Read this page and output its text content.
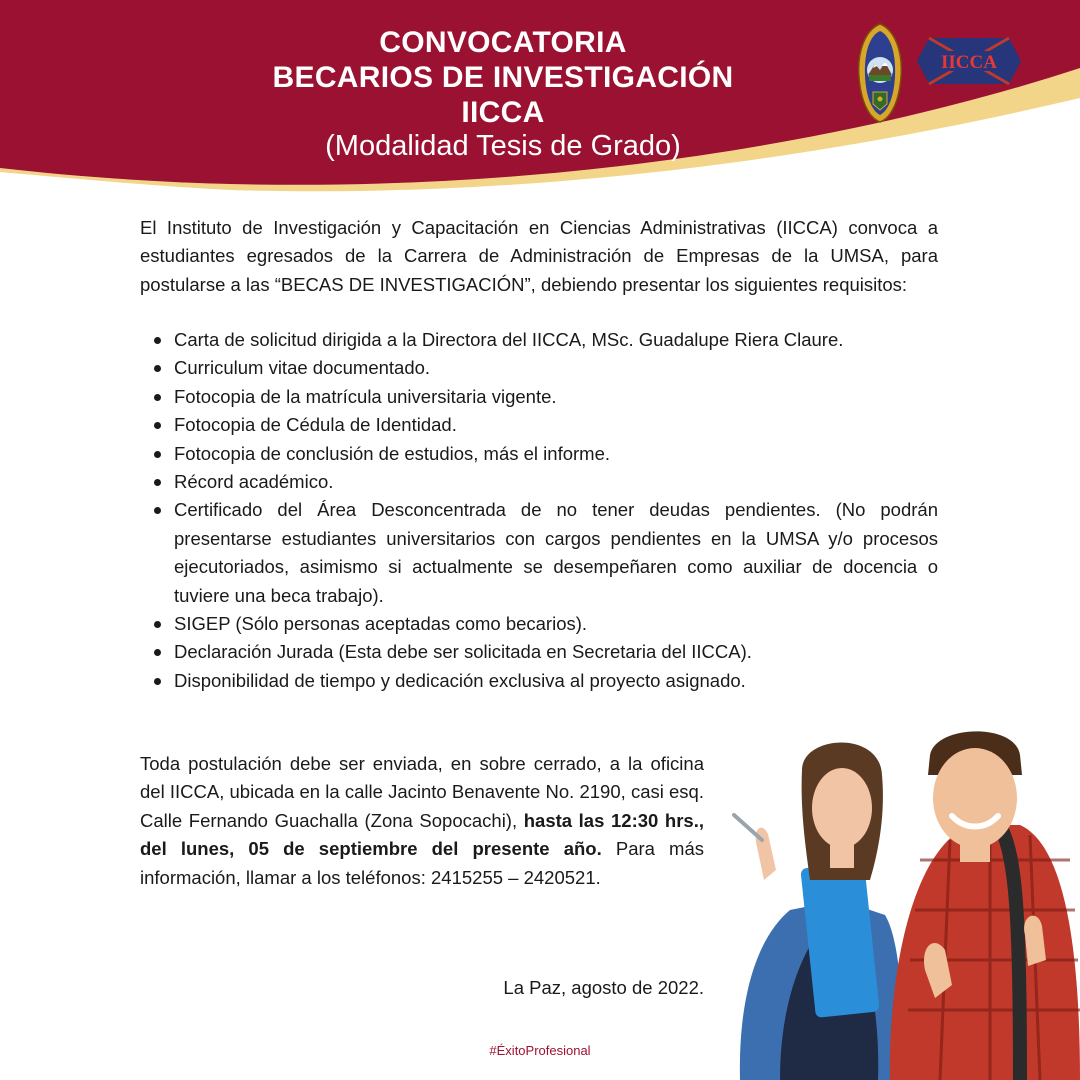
CONVOCATORIA
BECARIOS DE INVESTIGACIÓN
IICCA
(Modalidad Tesis de Grado)
IICCA

El Instituto de Investigación y Capacitación en Ciencias Administrativas (IICCA) convoca a estudiantes egresados de la Carrera de Administración de Empresas de la UMSA, para postularse a las “BECAS DE INVESTIGACIÓN”, debiendo presentar los siguientes requisitos:

Carta de solicitud dirigida a la Directora del IICCA, MSc. Guadalupe Riera Claure.
Curriculum vitae documentado.
Fotocopia de la matrícula universitaria vigente.
Fotocopia de Cédula de Identidad.
Fotocopia de conclusión de estudios, más el informe.
Récord académico.
Certificado del Área Desconcentrada de no tener deudas pendientes. (No podrán presentarse estudiantes universitarios con cargos pendientes en la UMSA y/o procesos ejecutoriados, asimismo si actualmente se desempeñaren como auxiliar de docencia o tuviere una beca trabajo).
SIGEP (Sólo personas aceptadas como becarios).
Declaración Jurada (Esta debe ser solicitada en Secretaria del IICCA).
Disponibilidad de tiempo y dedicación exclusiva al proyecto asignado.

Toda postulación debe ser enviada, en sobre cerrado, a la oficina del IICCA, ubicada en la calle Jacinto Benavente No. 2190, casi esq. Calle Fernando Guachalla (Zona Sopocachi), hasta las 12:30 hrs., del lunes, 05 de septiembre del presente año. Para más información, llamar a los teléfonos: 2415255 – 2420521.

La Paz, agosto de 2022.
#ÉxitoProfesional
